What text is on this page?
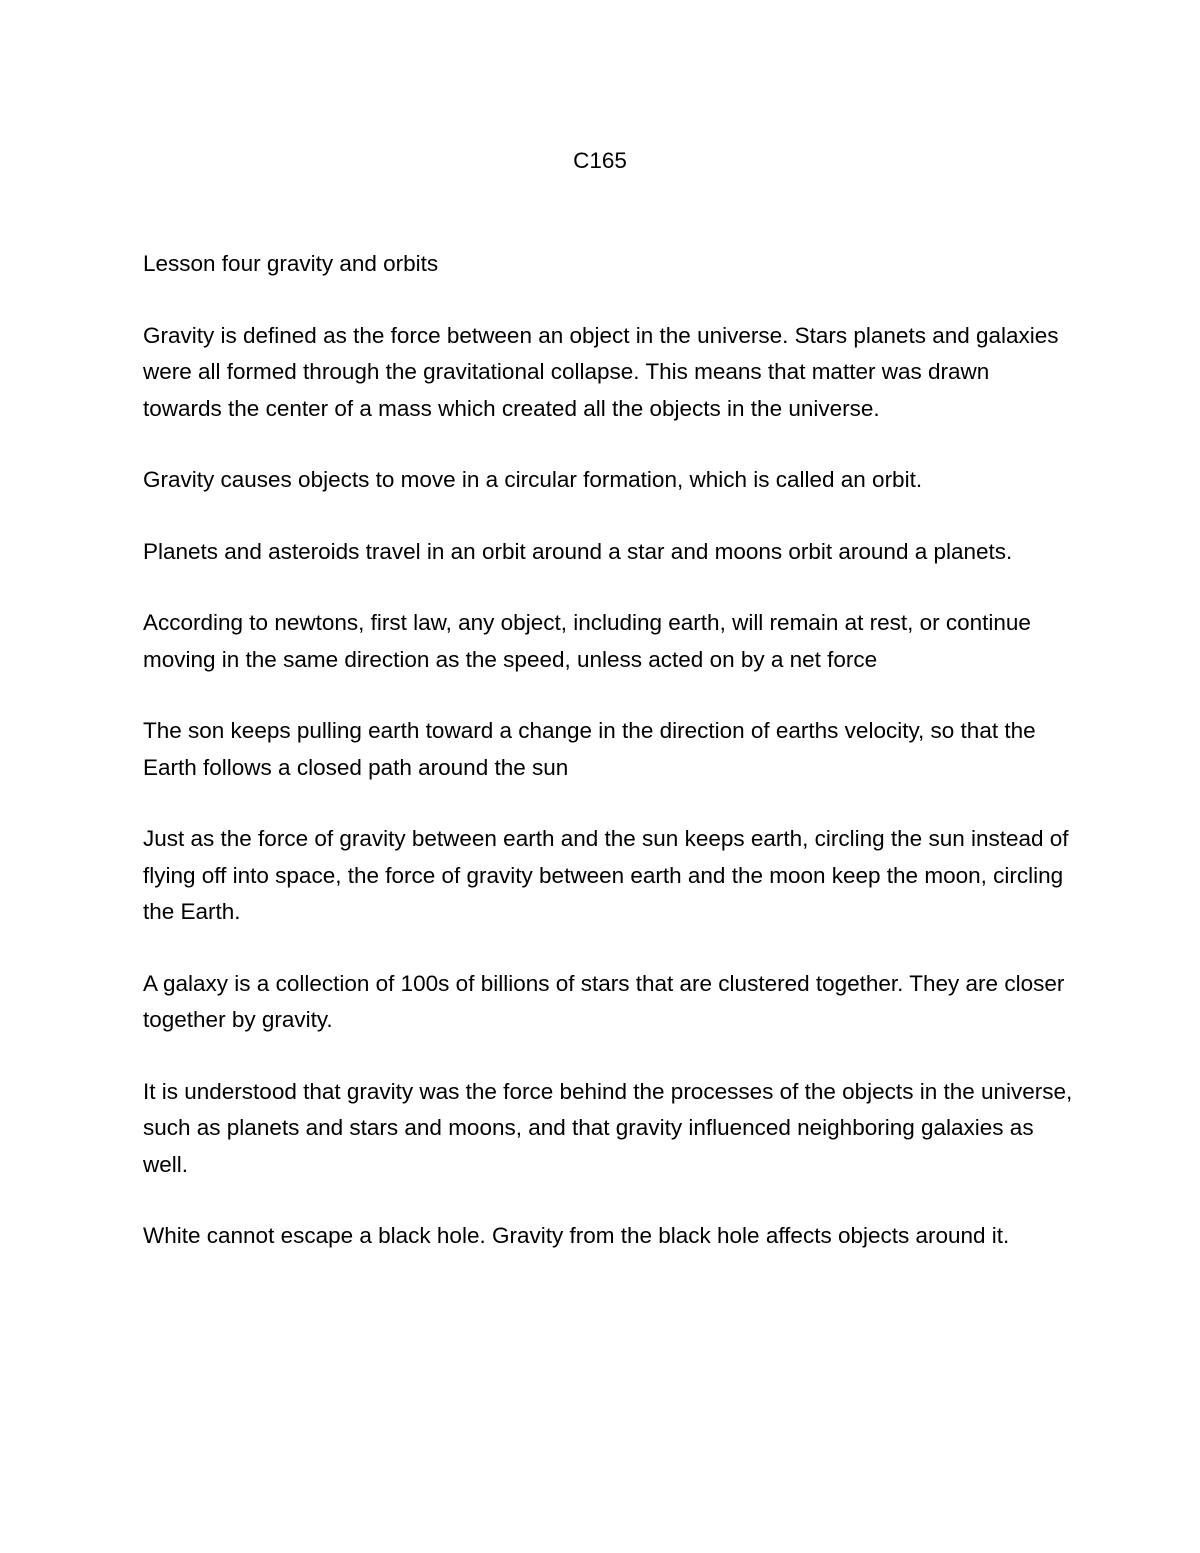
C165
Lesson four gravity and orbits

Gravity is defined as the force between an object in the universe. Stars planets and galaxies were all formed through the gravitational collapse. This means that matter was drawn towards the center of a mass which created all the objects in the universe.

Gravity causes objects to move in a circular formation, which is called an orbit.

Planets and asteroids travel in an orbit around a star and moons orbit around a planets.

According to newtons, first law, any object, including earth, will remain at rest, or continue moving in the same direction as the speed, unless acted on by a net force

The son keeps pulling earth toward a change in the direction of earths velocity, so that the Earth follows a closed path around the sun

Just as the force of gravity between earth and the sun keeps earth, circling the sun instead of flying off into space, the force of gravity between earth and the moon keep the moon, circling the Earth.

A galaxy is a collection of 100s of billions of stars that are clustered together. They are closer together by gravity.

It is understood that gravity was the force behind the processes of the objects in the universe, such as planets and stars and moons, and that gravity influenced neighboring galaxies as well.

White cannot escape a black hole. Gravity from the black hole affects objects around it.
